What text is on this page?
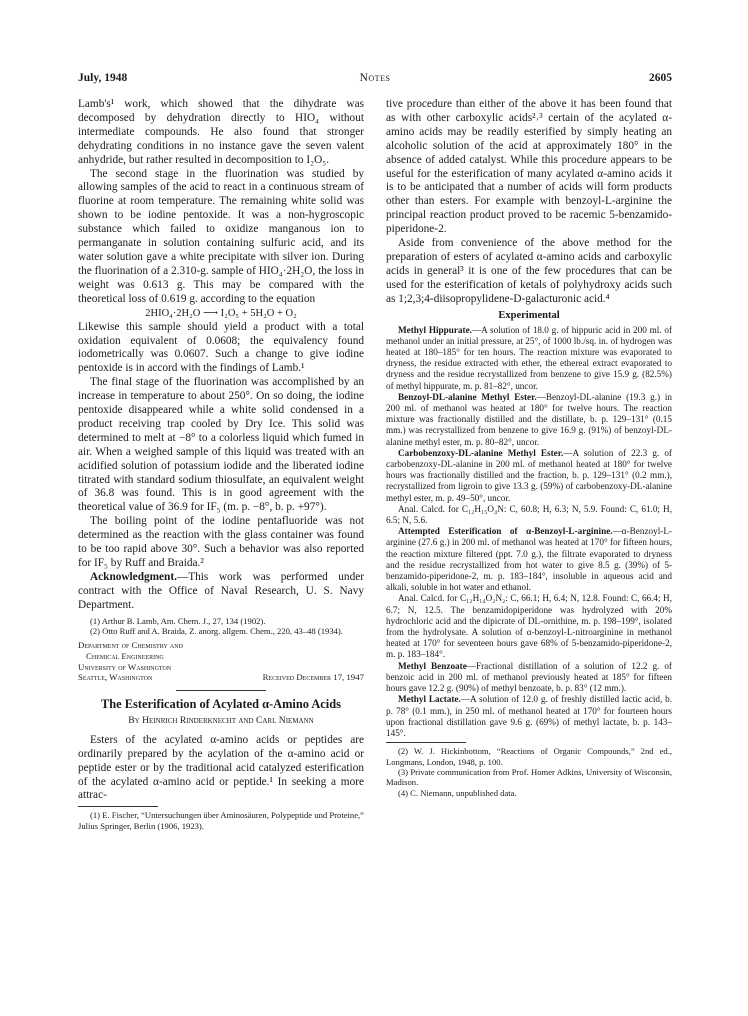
July, 1948	Notes	2605

Lamb's¹ work, which showed that the dihydrate was decomposed by dehydration directly to HIO₄ without intermediate compounds. He also found that stronger dehydrating conditions in no instance gave the seven valent anhydride, but rather resulted in decomposition to I₂O₅.

The second stage in the fluorination was studied by allowing samples of the acid to react in a continuous stream of fluorine at room temperature. The remaining white solid was shown to be iodine pentoxide. It was a non-hygroscopic substance which failed to oxidize manganous ion to permanganate in solution containing sulfuric acid, and its water solution gave a white precipitate with silver ion. During the fluorination of a 2.310-g. sample of HIO₄·2H₂O, the loss in weight was 0.613 g. This may be compared with the theoretical loss of 0.619 g. according to the equation

2HIO₄·2H₂O ⟶ I₂O₅ + 5H₂O + O₂

Likewise this sample should yield a product with a total oxidation equivalent of 0.0608; the equivalency found iodometrically was 0.0607. Such a change to give iodine pentoxide is in accord with the findings of Lamb.¹

The final stage of the fluorination was accomplished by an increase in temperature to about 250°. On so doing, the iodine pentoxide disappeared while a white solid condensed in a product receiving trap cooled by Dry Ice. This solid was determined to melt at −8° to a colorless liquid which fumed in air. When a weighed sample of this liquid was treated with an acidified solution of potassium iodide and the liberated iodine titrated with standard sodium thiosulfate, an equivalent weight of 36.8 was found. This is in good agreement with the theoretical value of 36.9 for IF₅ (m. p. −8°, b. p. +97°).

The boiling point of the iodine pentafluoride was not determined as the reaction with the glass container was found to be too rapid above 30°. Such a behavior was also reported for IF₅ by Ruff and Braida.²

Acknowledgment.—This work was performed under contract with the Office of Naval Research, U. S. Navy Department.

(1) Arthur B. Lamb, Am. Chem. J., 27, 134 (1902).

(2) Otto Ruff and A. Braida, Z. anorg. allgem. Chem., 220, 43–48 (1934).

Department of Chemistry and
Chemical Engineering
University of Washington
Seattle, Washington	Received December 17, 1947
The Esterification of Acylated α-Amino Acids
By Heinrich Rinderknecht and Carl Niemann

Esters of the acylated α-amino acids or peptides are ordinarily prepared by the acylation of the α-amino acid or peptide ester or by the traditional acid catalyzed esterification of the acylated α-amino acid or peptide.¹ In seeking a more attrac-

(1) E. Fischer, “Untersuchungen über Aminosäuren, Polypeptide und Proteine,” Julius Springer, Berlin (1906, 1923).

tive procedure than either of the above it has been found that as with other carboxylic acids²˒³ certain of the acylated α-amino acids may be readily esterified by simply heating an alcoholic solution of the acid at approximately 180° in the absence of added catalyst. While this procedure appears to be useful for the esterification of many acylated α-amino acids it is to be anticipated that a number of acids will form products other than esters. For example with benzoyl-L-arginine the principal reaction product proved to be racemic 5-benzamido-piperidone-2.

Aside from convenience of the above method for the preparation of esters of acylated α-amino acids and carboxylic acids in general³ it is one of the few procedures that can be used for the esterification of ketals of polyhydroxy acids such as 1;2,3;4-diisopropylidene-D-galacturonic acid.⁴

Experimental

Methyl Hippurate.—A solution of 18.0 g. of hippuric acid in 200 ml. of methanol under an initial pressure, at 25°, of 1000 lb./sq. in. of hydrogen was heated at 180–185° for ten hours. The reaction mixture was evaporated to dryness, the residue extracted with ether, the ethereal extract evaporated to dryness and the residue recrystallized from benzene to give 15.9 g. (82.5%) of methyl hippurate, m. p. 81–82°, uncor.

Benzoyl-DL-alanine Methyl Ester.—Benzoyl-DL-alanine (19.3 g.) in 200 ml. of methanol was heated at 180° for twelve hours. The reaction mixture was fractionally distilled and the distillate, b. p. 129–131° (0.15 mm.) was recrystallized from benzene to give 16.9 g. (91%) of benzoyl-DL-alanine methyl ester, m. p. 80–82°, uncor.

Carbobenzoxy-DL-alanine Methyl Ester.—A solution of 22.3 g. of carbobenzoxy-DL-alanine in 200 ml. of methanol heated at 180° for twelve hours was fractionally distilled and the fraction, b. p. 129–131° (0.2 mm.), recrystallized from ligroin to give 13.3 g. (59%) of carbobenzoxy-DL-alanine methyl ester, m. p. 49–50°, uncor.

Anal. Calcd. for C₁₂H₁₅O₄N: C, 60.8; H, 6.3; N, 5.9. Found: C, 61.0; H, 6.5; N, 5.6.

Attempted Esterification of α-Benzoyl-L-arginine.—α-Benzoyl-L-arginine (27.6 g.) in 200 ml. of methanol was heated at 170° for fifteen hours, the reaction mixture filtered (ppt. 7.0 g.), the filtrate evaporated to dryness and the residue recrystallized from hot water to give 8.5 g. (39%) of 5-benzamido-piperidone-2, m. p. 183–184°, insoluble in aqueous acid and alkali, soluble in hot water and ethanol.

Anal. Calcd. for C₁₂H₁₄O₂N₂: C, 66.1; H, 6.4; N, 12.8. Found: C, 66.4; H, 6.7; N, 12.5. The benzamidopiperidone was hydrolyzed with 20% hydrochloric acid and the dipicrate of DL-ornithine, m. p. 198–199°, isolated from the hydrolysate. A solution of α-benzoyl-L-nitroarginine in methanol heated at 170° for seventeen hours gave 68% of 5-benzamido-piperidone-2, m. p. 183–184°.

Methyl Benzoate—Fractional distillation of a solution of 12.2 g. of benzoic acid in 200 ml. of methanol previously heated at 185° for fifteen hours gave 12.2 g. (90%) of methyl benzoate, b. p. 83° (12 mm.).

Methyl Lactate.—A solution of 12.0 g. of freshly distilled lactic acid, b. p. 78° (0.1 mm.), in 250 ml. of methanol heated at 170° for fourteen hours upon fractional distillation gave 9.6 g. (69%) of methyl lactate, b. p. 143–145°.

(2) W. J. Hickinbottom, “Reactions of Organic Compounds,” 2nd ed., Longmans, London, 1948, p. 100.

(3) Private communication from Prof. Homer Adkins, University of Wisconsin, Madison.

(4) C. Niemann, unpublished data.
